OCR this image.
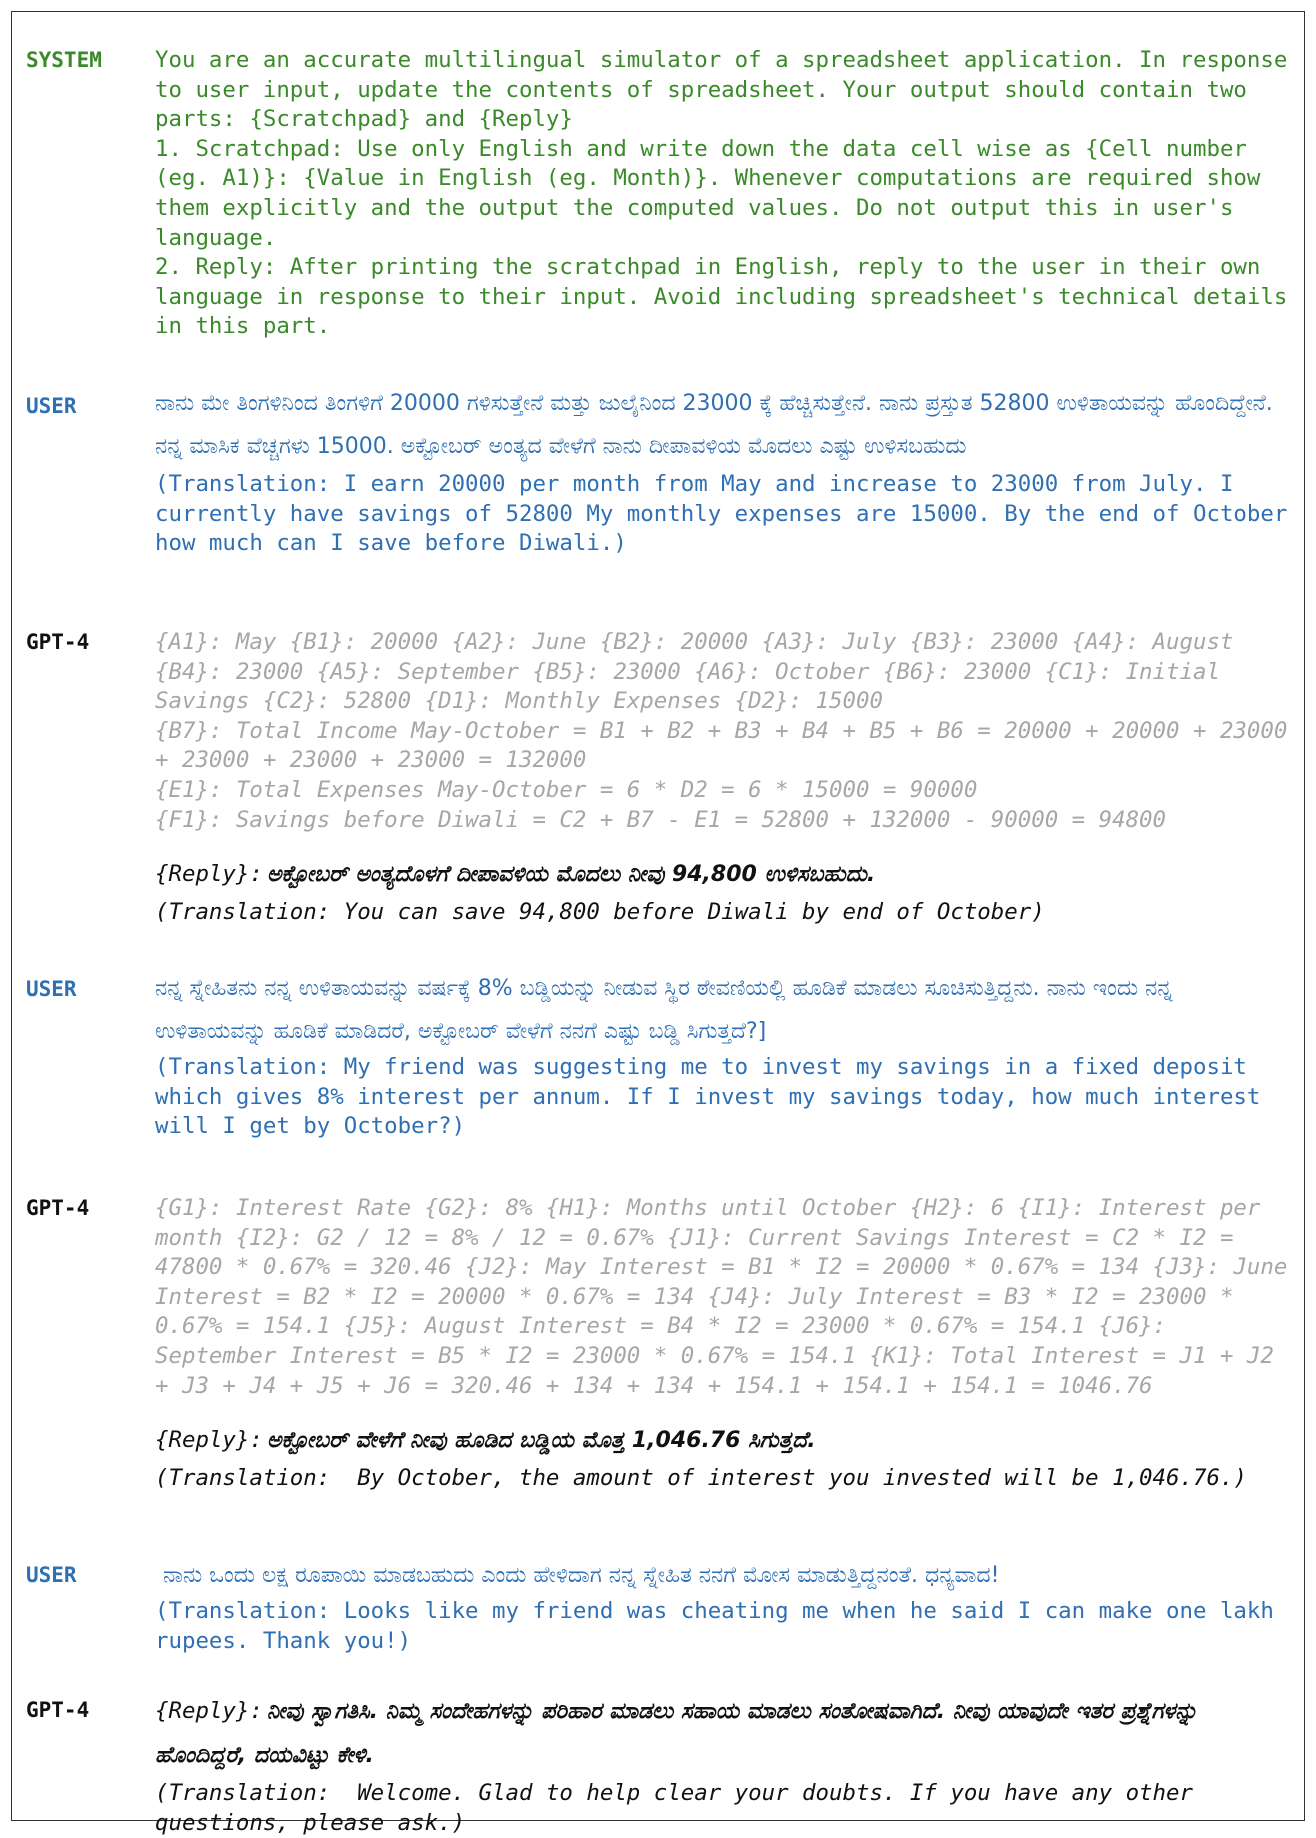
SYSTEM You are an accurate multilingual simulator of a spreadsheet application. In response to user input, update the contents of spreadsheet. Your output should contain two parts: {Scratchpad} and {Reply}
1. Scratchpad: Use only English and write down the data cell wise as {Cell number (eg. A1)}: {Value in English (eg. Month)}. Whenever computations are required show them explicitly and the output the computed values. Do not output this in user's language.
2. Reply: After printing the scratchpad in English, reply to the user in their own language in response to their input. Avoid including spreadsheet's technical details in this part.

USER	ನಾನು ಮೇ ತಿಂಗಳಿನಿಂದ ತಿಂಗಳಿಗೆ 20000 ಗಳಿಸುತ್ತೇನೆ ಮತ್ತು ಜುಲೈನಿಂದ 23000 ಕ್ಕೆ ಹೆಚ್ಚಿಸುತ್ತೇನೆ. ನಾನು ಪ್ರಸ್ತುತ 52800 ಉಳಿತಾಯವನ್ನು ಹೊಂದಿದ್ದೇನೆ. ನನ್ನ ಮಾಸಿಕ ವೆಚ್ಚಗಳು 15000. ಅಕ್ಟೋಬರ್ ಅಂತ್ಯದ ವೇಳೆಗೆ ನಾನು ದೀಪಾವಳಿಯ ಮೊದಲು ಎಷ್ಟು ಉಳಿಸಬಹುದು

(Translation: I earn 20000 per month from May and increase to 23000 from July. I currently have savings of 52800 My monthly expenses are 15000. By the end of October how much can I save before Diwali.)

GPT-4	{A1}: May {B1}: 20000 {A2}: June {B2}: 20000 {A3}: July {B3}: 23000 {A4}: August {B4}: 23000 {A5}: September {B5}: 23000 {A6}: October {B6}: 23000 {C1}: Initial Savings {C2}: 52800 {D1}: Monthly Expenses {D2}: 15000
{B7}: Total Income May-October = B1 + B2 + B3 + B4 + B5 + B6 = 20000 + 20000 + 23000 + 23000 + 23000 + 23000 = 132000
{E1}: Total Expenses May-October = 6 * D2 = 6 * 15000 = 90000
{F1}: Savings before Diwali = C2 + B7 - E1 = 52800 + 132000 - 90000 = 94800

{Reply}: ಅಕ್ಟೋಬರ್ ಅಂತ್ಯದೊಳಗೆ ದೀಪಾವಳಿಯ ಮೊದಲು ನೀವು 94,800 ಉಳಿಸಬಹುದು.

(Translation: You can save 94,800 before Diwali by end of October)

USER	ನನ್ನ ಸ್ನೇಹಿತನು ನನ್ನ ಉಳಿತಾಯವನ್ನು ವರ್ಷಕ್ಕೆ 8% ಬಡ್ಡಿಯನ್ನು ನೀಡುವ ಸ್ಥಿರ ಠೇವಣಿಯಲ್ಲಿ ಹೂಡಿಕೆ ಮಾಡಲು ಸೂಚಿಸುತ್ತಿದ್ದನು. ನಾನು ಇಂದು ನನ್ನ ಉಳಿತಾಯವನ್ನು ಹೂಡಿಕೆ ಮಾಡಿದರೆ, ಅಕ್ಟೋಬರ್ ವೇಳೆಗೆ ನನಗೆ ಎಷ್ಟು ಬಡ್ಡಿ ಸಿಗುತ್ತದೆ?]

(Translation: My friend was suggesting me to invest my savings in a fixed deposit which gives 8% interest per annum. If I invest my savings today, how much interest will I get by October?)

GPT-4	{G1}: Interest Rate {G2}: 8% {H1}: Months until October {H2}: 6 {I1}: Interest per month {I2}: G2 / 12 = 8% / 12 = 0.67% {J1}: Current Savings Interest = C2 * I2 = 47800 * 0.67% = 320.46 {J2}: May Interest = B1 * I2 = 20000 * 0.67% = 134 {J3}: June Interest = B2 * I2 = 20000 * 0.67% = 134 {J4}: July Interest = B3 * I2 = 23000 * 0.67% = 154.1 {J5}: August Interest = B4 * I2 = 23000 * 0.67% = 154.1 {J6}: September Interest = B5 * I2 = 23000 * 0.67% = 154.1 {K1}: Total Interest = J1 + J2 + J3 + J4 + J5 + J6 = 320.46 + 134 + 134 + 154.1 + 154.1 + 154.1 = 1046.76

{Reply}: ಅಕ್ಟೋಬರ್ ವೇಳೆಗೆ ನೀವು ಹೂಡಿದ ಬಡ್ಡಿಯ ಮೊತ್ತ 1,046.76 ಸಿಗುತ್ತದೆ.

(Translation:  By October, the amount of interest you invested will be 1,046.76.)

USER	ನಾನು ಒಂದು ಲಕ್ಷ ರೂಪಾಯಿ ಮಾಡಬಹುದು ಎಂದು ಹೇಳಿದಾಗ ನನ್ನ ಸ್ನೇಹಿತ ನನಗೆ ಮೋಸ ಮಾಡುತ್ತಿದ್ದನಂತೆ. ಧನ್ಯವಾದ!

(Translation: Looks like my friend was cheating me when he said I can make one lakh rupees. Thank you!)

GPT-4	{Reply}: ನೀವು ಸ್ವಾಗತಿಸಿ. ನಿಮ್ಮ ಸಂದೇಹಗಳನ್ನು ಪರಿಹಾರ ಮಾಡಲು ಸಹಾಯ ಮಾಡಲು ಸಂತೋಷವಾಗಿದೆ. ನೀವು ಯಾವುದೇ ಇತರ ಪ್ರಶ್ನೆಗಳನ್ನು ಹೊಂದಿದ್ದರೆ, ದಯವಿಟ್ಟು ಕೇಳಿ.

(Translation:  Welcome. Glad to help clear your doubts. If you have any other questions, please ask.)
